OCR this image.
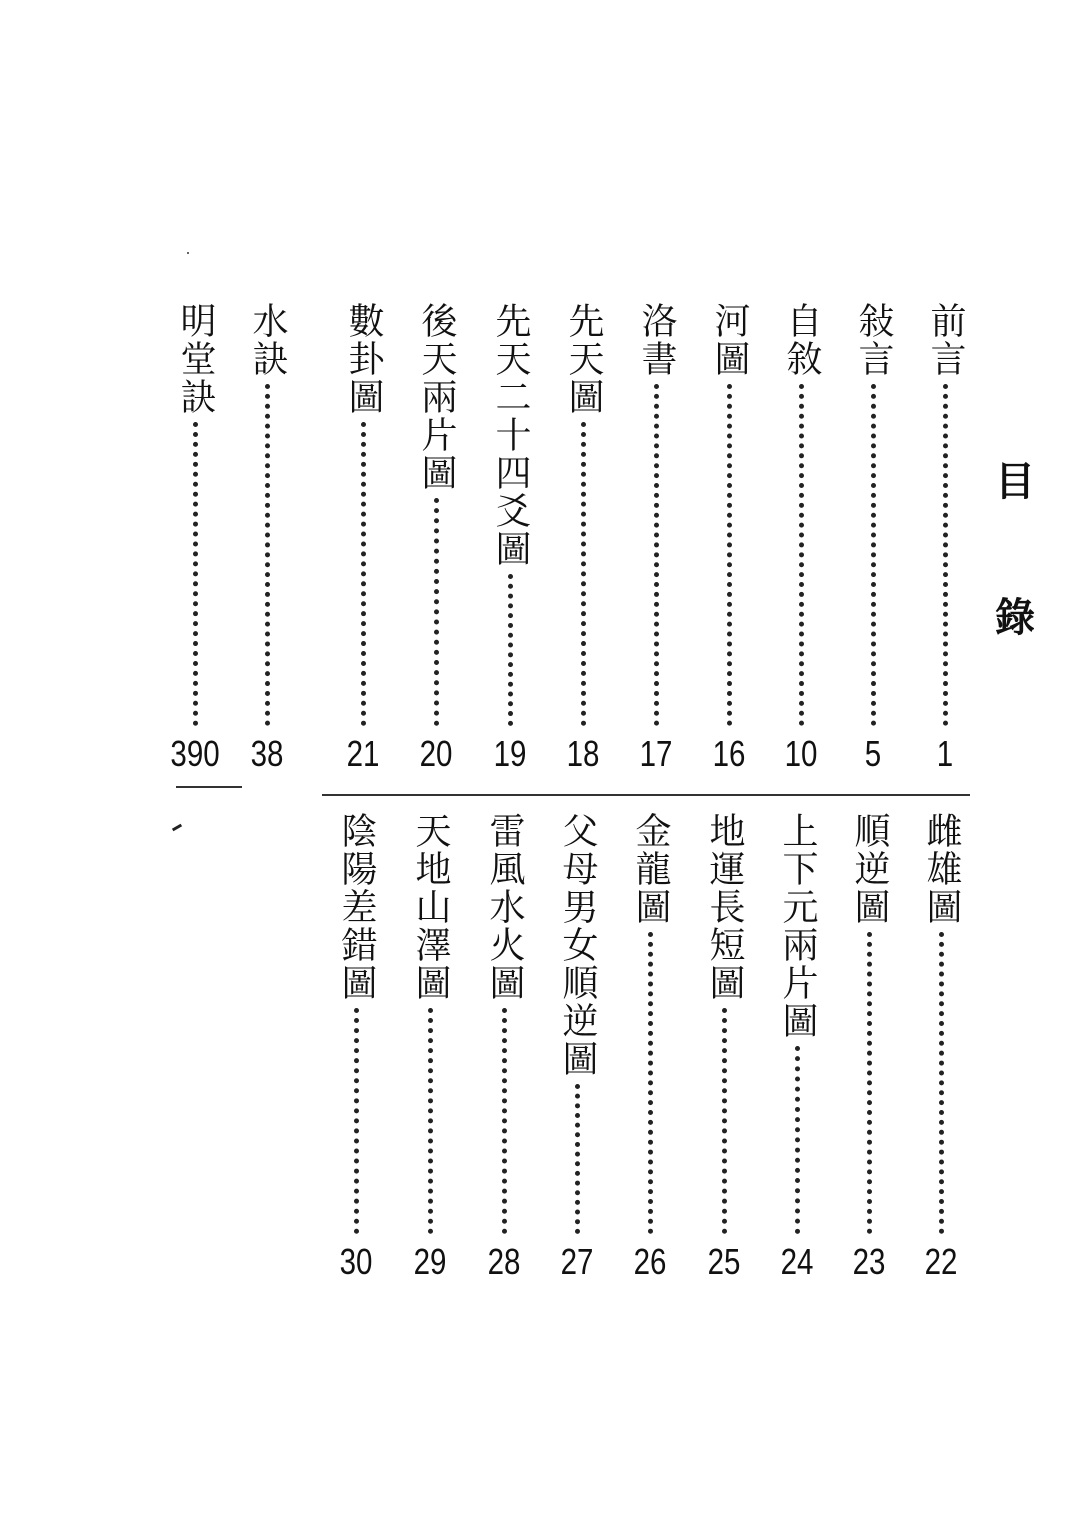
目
錄
前言
1
敍言
5
自敘
10
河圖
16
洛書
17
先天圖
18
先天二十四爻圖
19
後天兩片圖
20
數卦圖
21
水訣
38
明堂訣
390
雌雄圖
22
順逆圖
23
上下元兩片圖
24
地運長短圖
25
金龍圖
26
父母男女順逆圖
27
雷風水火圖
28
天地山澤圖
29
陰陽差錯圖
30
